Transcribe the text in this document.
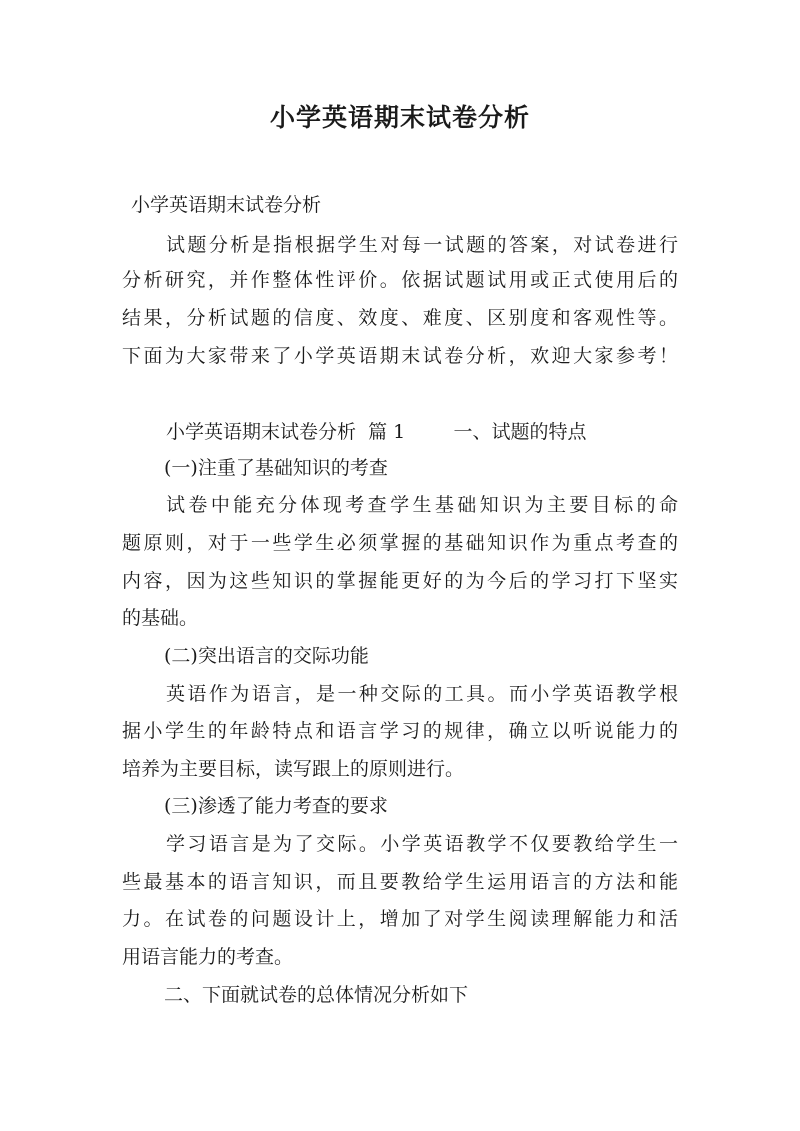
小学英语期末试卷分析
小学英语期末试卷分析
试题分析是指根据学生对每一试题的答案，对试卷进行
分析研究，并作整体性评价。依据试题试用或正式使用后的
结果，分析试题的信度、效度、难度、区别度和客观性等。
下面为大家带来了小学英语期末试卷分析，欢迎大家参考！
小学英语期末试卷分析  篇 1        一、试题的特点
(一)注重了基础知识的考查
试卷中能充分体现考查学生基础知识为主要目标的命
题原则，对于一些学生必须掌握的基础知识作为重点考查的
内容，因为这些知识的掌握能更好的为今后的学习打下坚实
的基础。
(二)突出语言的交际功能
英语作为语言，是一种交际的工具。而小学英语教学根
据小学生的年龄特点和语言学习的规律，确立以听说能力的
培养为主要目标，读写跟上的原则进行。
(三)渗透了能力考查的要求
学习语言是为了交际。小学英语教学不仅要教给学生一
些最基本的语言知识，而且要教给学生运用语言的方法和能
力。在试卷的问题设计上，增加了对学生阅读理解能力和活
用语言能力的考查。
二、下面就试卷的总体情况分析如下
